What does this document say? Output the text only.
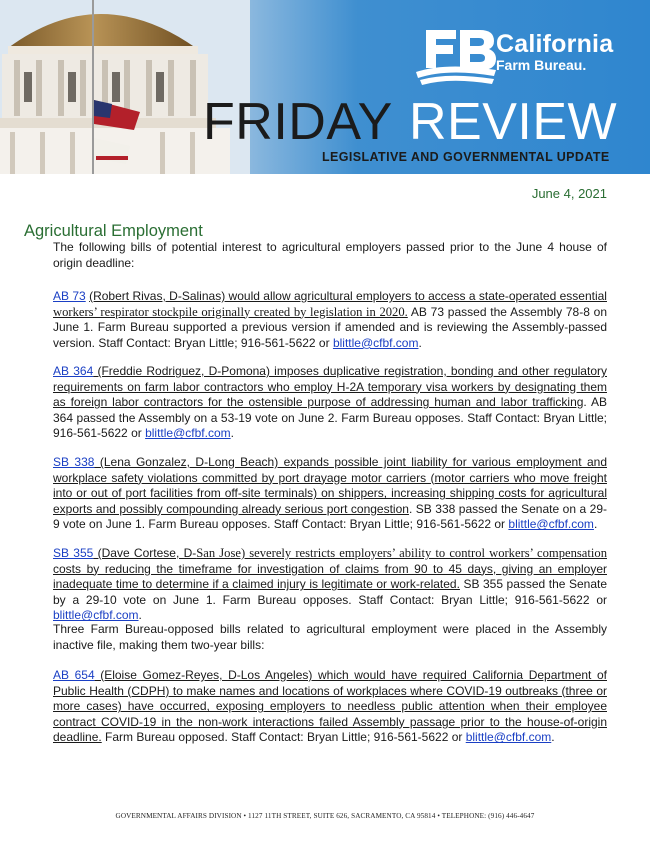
California
Farm Bureau.
FRIDAY REVIEW
LEGISLATIVE AND GOVERNMENTAL UPDATE
June 4, 2021
Agricultural Employment

The following bills of potential interest to agricultural employers passed prior to the June 4 house of origin deadline:

AB 73 (Robert Rivas, D-Salinas) would allow agricultural employers to access a state-operated essential workers’ respirator stockpile originally created by legislation in 2020. AB 73 passed the Assembly 78-8 on June 1. Farm Bureau supported a previous version if amended and is reviewing the Assembly-passed version. Staff Contact: Bryan Little; 916-561-5622 or blittle@cfbf.com.

AB 364 (Freddie Rodriguez, D-Pomona) imposes duplicative registration, bonding and other regulatory requirements on farm labor contractors who employ H-2A temporary visa workers by designating them as foreign labor contractors for the ostensible purpose of addressing human and labor trafficking. AB 364 passed the Assembly on a 53-19 vote on June 2. Farm Bureau opposes. Staff Contact: Bryan Little; 916-561-5622 or blittle@cfbf.com.

SB 338 (Lena Gonzalez, D-Long Beach) expands possible joint liability for various employment and workplace safety violations committed by port drayage motor carriers (motor carriers who move freight into or out of port facilities from off-site terminals) on shippers, increasing shipping costs for agricultural exports and possibly compounding already serious port congestion. SB 338 passed the Senate on a 29-9 vote on June 1. Farm Bureau opposes. Staff Contact: Bryan Little; 916-561-5622 or blittle@cfbf.com.

SB 355 (Dave Cortese, D-San Jose) severely restricts employers’ ability to control workers’ compensation costs by reducing the timeframe for investigation of claims from 90 to 45 days, giving an employer inadequate time to determine if a claimed injury is legitimate or work-related. SB 355 passed the Senate by a 29-10 vote on June 1. Farm Bureau opposes. Staff Contact: Bryan Little; 916-561-5622 or blittle@cfbf.com.

Three Farm Bureau-opposed bills related to agricultural employment were placed in the Assembly inactive file, making them two-year bills:

AB 654 (Eloise Gomez-Reyes, D-Los Angeles) which would have required California Department of Public Health (CDPH) to make names and locations of workplaces where COVID-19 outbreaks (three or more cases) have occurred, exposing employers to needless public attention when their employee contract COVID-19 in the non-work interactions failed Assembly passage prior to the house-of-origin deadline. Farm Bureau opposed. Staff Contact: Bryan Little; 916-561-5622 or blittle@cfbf.com.

GOVERNMENTAL AFFAIRS DIVISION • 1127 11TH STREET, SUITE 626, SACRAMENTO, CA 95814 • TELEPHONE: (916) 446-4647
